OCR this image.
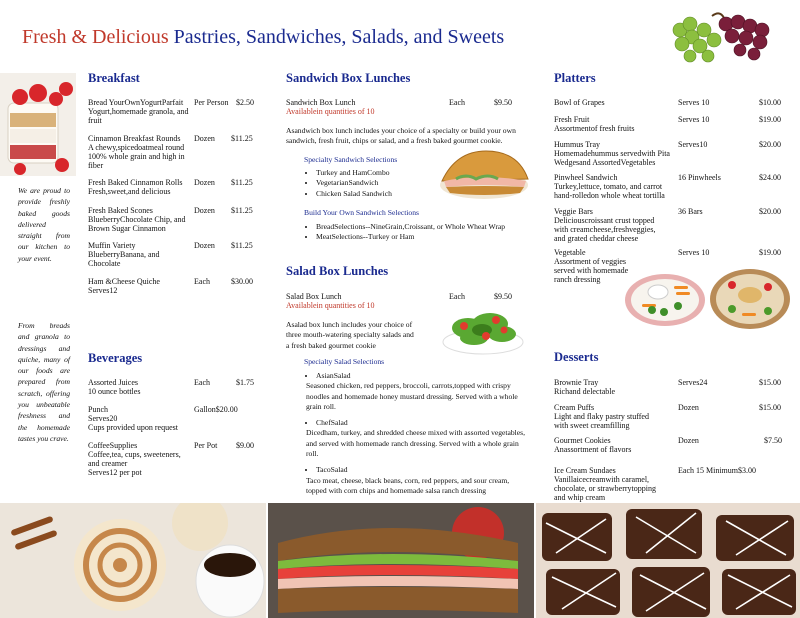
Fresh & Delicious Pastries, Sandwiches, Salads, and Sweets
We are proud to provide freshly baked goods delivered straight from our kitchen to your event.
From breads and granola to dressings and quiche, many of our foods are prepared from scratch, offering you unbeatable freshness and the homemade tastes you crave.
Breakfast
Bread YourOwnYogurtParfait	Per Person $2.50
Yogurt,homemade granola, and fruit
Cinnamon Breakfast Rounds	Dozen $11.25
A chewy,spicedoatmeal round 100% whole grain and high in fiber
Fresh Baked Cinnamon Rolls	Dozen $11.25
Fresh,sweet,and delicious
Fresh Baked Scones	Dozen $11.25
BlueberryChocolate Chip, and Brown Sugar Cinnamon
Muffin Variety	Dozen $11.25
BlueberryBanana, and Chocolate
Ham &Cheese Quiche	Each	$30.00
Serves12
Beverages
Assorted Juices	Each	$1.75
10 ounce bottles
Punch	Gallon$20.00
Serves20
Cups provided upon request
CoffeeSupplies	Per Pot $9.00
Coffee,tea, cups, sweeteners, and creamer
Serves12 per pot
Sandwich Box Lunches
Sandwich Box Lunch	Each	$9.50
Availablein quantities of 10
Asandwich box lunch includes your choice of a specialty or build your own sandwich, fresh fruit, chips or salad, and a fresh baked gourmet cookie.
Specialty Sandwich Selections
• Turkey and HamCombo
• VegetarianSandwich
• Chicken Salad Sandwich
Build Your Own Sandwich Selections
• BreadSelections--NineGrain,Croissant, or Whole Wheat Wrap
• MeatSelections--Turkey or Ham
Salad Box Lunches
Salad Box Lunch	Each	$9.50
Availablein quantities of 10
Asalad box lunch includes your choice of three mouth-watering specialty salads and a fresh baked gourmet cookie
Specialty Salad Selections
• AsianSalad
Seasoned chicken, red peppers, broccoli, carrots,topped with crispy noodles and homemade honey mustard dressing. Served with a whole grain roll.
• ChefSalad
Dicedham, turkey, and shredded cheese mixed with assorted vegetables, and served with homemade ranch dressing. Served with a whole grain roll.
• TacoSalad
Taco meat, cheese, black beans, corn, red peppers, and sour cream, topped with corn chips and homemade salsa ranch dressing
Platters
Bowl of Grapes	Serves 10	$10.00
Fresh Fruit	Serves 10	$19.00
Assortmentof fresh fruits
Hummus Tray	Serves10	$20.00
Homemadehummus servedwith Pita Wedgesand AssortedVegetables
Pinwheel Sandwich	16 Pinwheels	$24.00
Turkey,lettuce, tomato, and carrot hand-rolledon whole wheat tortilla
Veggie Bars	36 Bars	$20.00
Deliciouscroissant crust topped with creamcheese,freshveggies, and grated cheddar cheese
Vegetable	Serves 10	$19.00
Assortment of veggies served with homemade ranch dressing
Desserts
Brownie Tray	Serves24	$15.00
Richand delectable
Cream Puffs	Dozen	$15.00
Light and flaky pastry stuffed with sweet creamfilling
Gourmet Cookies	Dozen	$7.50
Anassortment of flavors
Ice Cream Sundaes	Each 15 Minimum$3.00
Vanillaicecreamwith caramel, chocolate, or strawberrytopping and whip cream
